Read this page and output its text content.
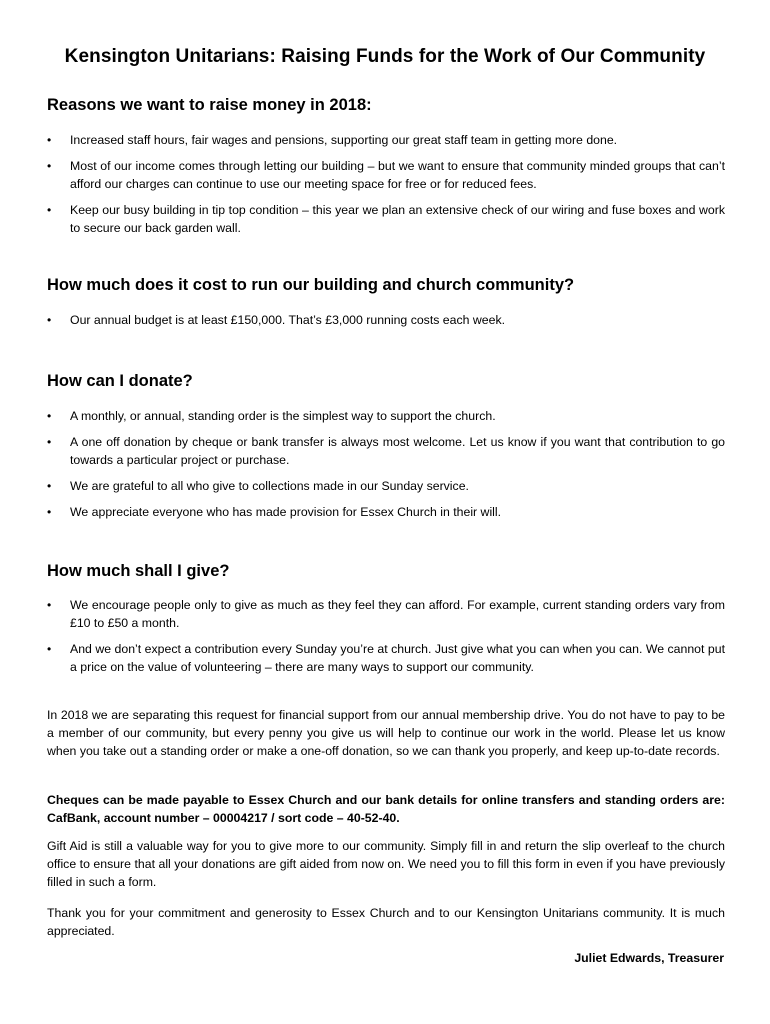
Kensington Unitarians: Raising Funds for the Work of Our Community
Reasons we want to raise money in 2018:
•	Increased staff hours, fair wages and pensions, supporting our great staff team in getting more done.
•	Most of our income comes through letting our building – but we want to ensure that community minded groups that can’t afford our charges can continue to use our meeting space for free or for reduced fees.
•	Keep our busy building in tip top condition – this year we plan an extensive check of our wiring and fuse boxes and work to secure our back garden wall.
How much does it cost to run our building and church community?
•	Our annual budget is at least £150,000. That’s £3,000 running costs each week.
How can I donate?
•	A monthly, or annual, standing order is the simplest way to support the church.
•	A one off donation by cheque or bank transfer is always most welcome. Let us know if you want that contribution to go towards a particular project or purchase.
•	We are grateful to all who give to collections made in our Sunday service.
•	We appreciate everyone who has made provision for Essex Church in their will.
How much shall I give?
•	We encourage people only to give as much as they feel they can afford. For example, current standing orders vary from £10 to £50 a month.
•	And we don’t expect a contribution every Sunday you’re at church. Just give what you can when you can. We cannot put a price on the value of volunteering – there are many ways to support our community.

In 2018 we are separating this request for financial support from our annual membership drive. You do not have to pay to be a member of our community, but every penny you give us will help to continue our work in the world. Please let us know when you take out a standing order or make a one-off donation, so we can thank you properly, and keep up-to-date records.

Cheques can be made payable to Essex Church and our bank details for online transfers and standing orders are: CafBank, account number – 00004217 / sort code – 40-52-40.

Gift Aid is still a valuable way for you to give more to our community. Simply fill in and return the slip overleaf to the church office to ensure that all your donations are gift aided from now on. We need you to fill this form in even if you have previously filled in such a form.

Thank you for your commitment and generosity to Essex Church and to our Kensington Unitarians community. It is much appreciated.

Juliet Edwards, Treasurer
